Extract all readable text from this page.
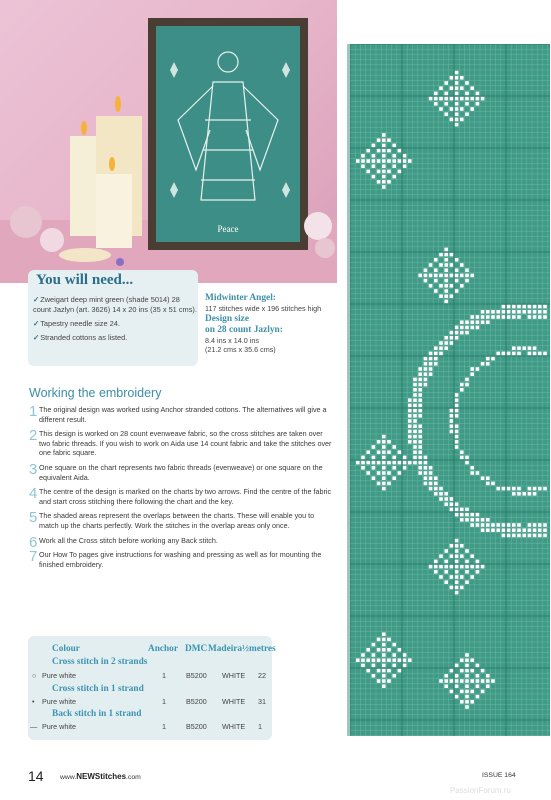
Peace
You will need...
✓Zweigart deep mint green (shade 5014) 28 count Jazlyn (art. 3626) 14 x 20 ins (35 x 51 cms).
✓Tapestry needle size 24.
✓Stranded cottons as listed.
Midwinter Angel:
117 stitches wide x 196 stitches high
Design size
on 28 count Jazlyn:
8.4 ins x 14.0 ins
(21.2 cms x 35.6 cms)
Working the embroidery
1 The original design was worked using Anchor stranded cottons. The alternatives will give a different result.
2 This design is worked on 28 count evenweave fabric, so the cross stitches are taken over two fabric threads. If you wish to work on Aida use 14 count fabric and take the stitches over one fabric square.
3 One square on the chart represents two fabric threads (evenweave) or one square on the equivalent Aida.
4 The centre of the design is marked on the charts by two arrows. Find the centre of the fabric and start cross stitching there following the chart and the key.
5 The shaded areas represent the overlaps between the charts. These will enable you to match up the charts perfectly. Work the stitches in the overlap areas only once.
6 Work all the Cross stitch before working any Back stitch.
7 Our How To pages give instructions for washing and pressing as well as for mounting the finished embroidery.
Colour	Anchor DMC Madeira ½metres
Cross stitch in 2 strands
○ Pure white	1	B5200 WHITE 22
Cross stitch in 1 strand
• Pure white	1	B5200 WHITE 31
Back stitch in 1 strand
— Pure white	1	B5200 WHITE 1
14 www.NEWStitches.com	ISSUE 164
PassionForum.ru
